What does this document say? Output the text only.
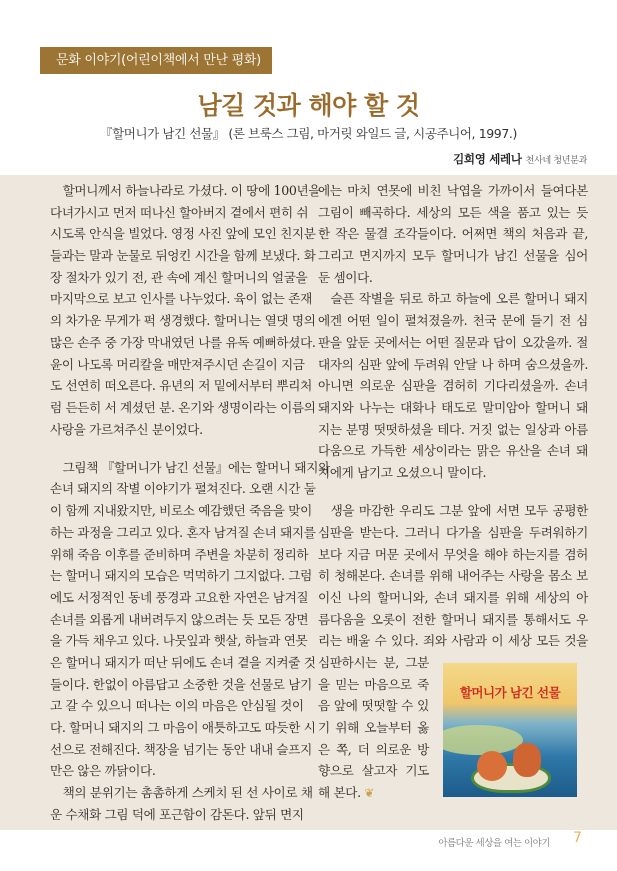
문화 이야기(어린이책에서 만난 평화)
남길 것과 해야 할 것
『할머니가 남긴 선물』 (론 브룩스 그림, 마거릿 와일드 글, 시공주니어, 1997.)
김희영 세레나 천사네 청년분과
할머니께서 하늘나라로 가셨다. 이 땅에 100년을
다녀가시고 먼저 떠나신 할아버지 곁에서 편히 쉬
시도록 안식을 빌었다. 영정 사진 앞에 모인 친지분
들과는 말과 눈물로 뒤엉킨 시간을 함께 보냈다. 화
장 절차가 있기 전, 관 속에 계신 할머니의 얼굴을
마지막으로 보고 인사를 나누었다. 육이 없는 존재
의 차가운 무게가 퍽 생경했다. 할머니는 열댓 명의
많은 손주 중 가장 막내였던 나를 유독 예뻐하셨다.
윤이 나도록 머리칼을 매만져주시던 손길이 지금
도 선연히 떠오른다. 유년의 저 밑에서부터 뿌리처
럼 든든히 서 계셨던 분. 온기와 생명이라는 이름의
사랑을 가르쳐주신 분이었다.
그림책 『할머니가 남긴 선물』에는 할머니 돼지와
손녀 돼지의 작별 이야기가 펼쳐진다. 오랜 시간 둘
이 함께 지내왔지만, 비로소 예감했던 죽음을 맞이
하는 과정을 그리고 있다. 혼자 남겨질 손녀 돼지를
위해 죽음 이후를 준비하며 주변을 차분히 정리하
는 할머니 돼지의 모습은 먹먹하기 그지없다. 그럼
에도 서정적인 동네 풍경과 고요한 자연은 남겨질
손녀를 외롭게 내버려두지 않으려는 듯 모든 장면
을 가득 채우고 있다. 나뭇잎과 햇살, 하늘과 연못
은 할머니 돼지가 떠난 뒤에도 손녀 곁을 지켜줄 것
들이다. 한없이 아름답고 소중한 것을 선물로 남기
고 갈 수 있으니 떠나는 이의 마음은 안심될 것이
다. 할머니 돼지의 그 마음이 애틋하고도 따듯한 시
선으로 전해진다. 책장을 넘기는 동안 내내 슬프지
만은 않은 까닭이다.
책의 분위기는 촘촘하게 스케치 된 선 사이로 채
운 수채화 그림 덕에 포근함이 감돈다. 앞뒤 면지
에는 마치 연못에 비친 낙엽을 가까이서 들여다본
그림이 빼곡하다. 세상의 모든 색을 품고 있는 듯
한 작은 물결 조각들이다. 어쩌면 책의 처음과 끝,
그리고 면지까지 모두 할머니가 남긴 선물을 심어
둔 셈이다.
슬픈 작별을 뒤로 하고 하늘에 오른 할머니 돼지
에겐 어떤 일이 펼쳐졌을까. 천국 문에 들기 전 심
판을 앞둔 곳에서는 어떤 질문과 답이 오갔을까. 절
대자의 심판 앞에 두려워 안달 나 하며 숨으셨을까.
아니면 의로운 심판을 겸허히 기다리셨을까. 손녀
돼지와 나누는 대화나 태도로 말미암아 할머니 돼
지는 분명 떳떳하셨을 테다. 거짓 없는 일상과 아름
다움으로 가득한 세상이라는 맑은 유산을 손녀 돼
지에게 남기고 오셨으니 말이다.
생을 마감한 우리도 그분 앞에 서면 모두 공평한
심판을 받는다. 그러니 다가올 심판을 두려워하기
보다 지금 머문 곳에서 무엇을 해야 하는지를 겸허
히 청해본다. 손녀를 위해 내어주는 사랑을 몸소 보
이신 나의 할머니와, 손녀 돼지를 위해 세상의 아
름다움을 오롯이 전한 할머니 돼지를 통해서도 우
리는 배울 수 있다. 죄와 사람과 이 세상 모든 것을
심판하시는 분, 그분
을 믿는 마음으로 죽
음 앞에 떳떳할 수 있
기 위해 오늘부터 옳
은 쪽, 더 의로운 방
향으로 살고자 기도
해 본다. ❦
할머니가 남긴 선물
아름다운 세상을 여는 이야기 7
